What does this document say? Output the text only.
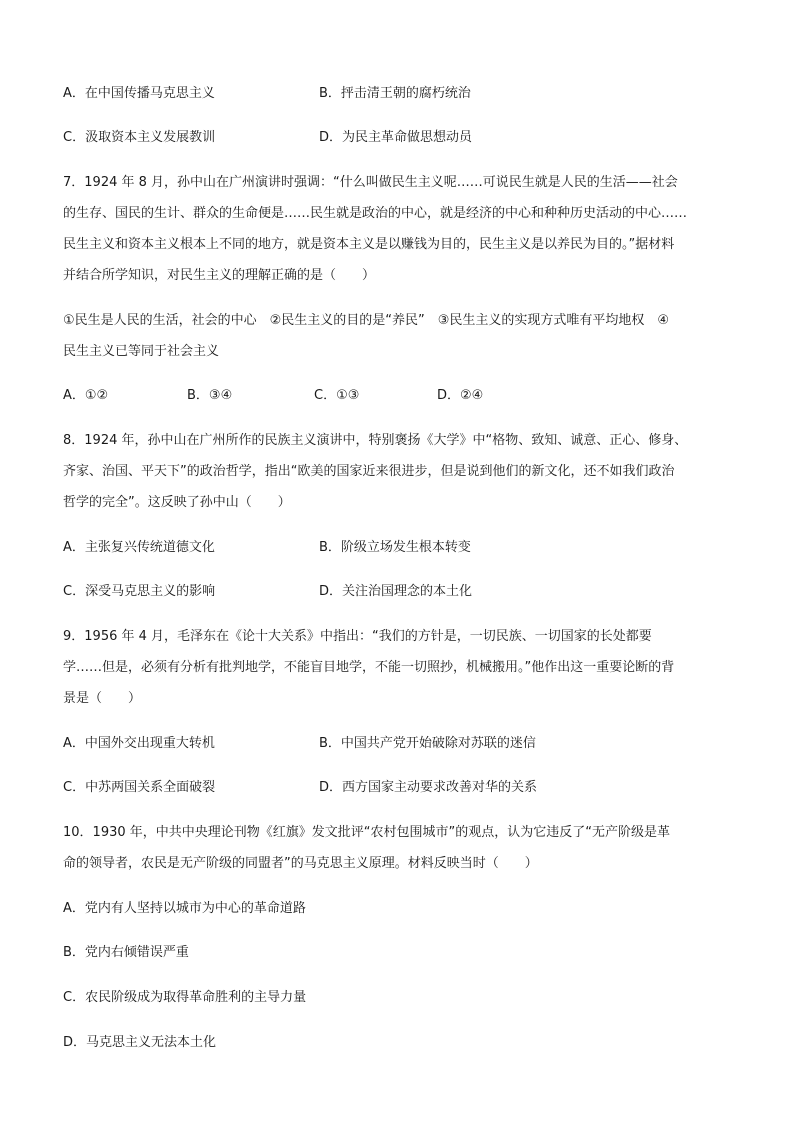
A．在中国传播马克思主义	B．抨击清王朝的腐朽统治
C．汲取资本主义发展教训	D．为民主革命做思想动员
7．1924 年 8 月，孙中山在广州演讲时强调：“什么叫做民生主义呢……可说民生就是人民的生活——社会
的生存、国民的生计、群众的生命便是……民生就是政治的中心，就是经济的中心和种种历史活动的中心……
民生主义和资本主义根本上不同的地方，就是资本主义是以赚钱为目的，民生主义是以养民为目的。”据材料
并结合所学知识，对民生主义的理解正确的是（　　）
①民生是人民的生活，社会的中心　②民生主义的目的是“养民”　③民生主义的实现方式唯有平均地权　④
民生主义已等同于社会主义
A．①②	B．③④	C．①③	D．②④
8．1924 年，孙中山在广州所作的民族主义演讲中，特别褒扬《大学》中“格物、致知、诚意、正心、修身、
齐家、治国、平天下”的政治哲学，指出“欧美的国家近来很进步，但是说到他们的新文化，还不如我们政治
哲学的完全”。这反映了孙中山（　　）
A．主张复兴传统道德文化	B．阶级立场发生根本转变
C．深受马克思主义的影响	D．关注治国理念的本土化
9．1956 年 4 月，毛泽东在《论十大关系》中指出：“我们的方针是，一切民族、一切国家的长处都要
学……但是，必须有分析有批判地学，不能盲目地学，不能一切照抄，机械搬用。”他作出这一重要论断的背
景是（　　）
A．中国外交出现重大转机	B．中国共产党开始破除对苏联的迷信
C．中苏两国关系全面破裂	D．西方国家主动要求改善对华的关系
10．1930 年，中共中央理论刊物《红旗》发文批评“农村包围城市”的观点，认为它违反了“无产阶级是革
命的领导者，农民是无产阶级的同盟者”的马克思主义原理。材料反映当时（　　）
A．党内有人坚持以城市为中心的革命道路
B．党内右倾错误严重
C．农民阶级成为取得革命胜利的主导力量
D．马克思主义无法本土化
